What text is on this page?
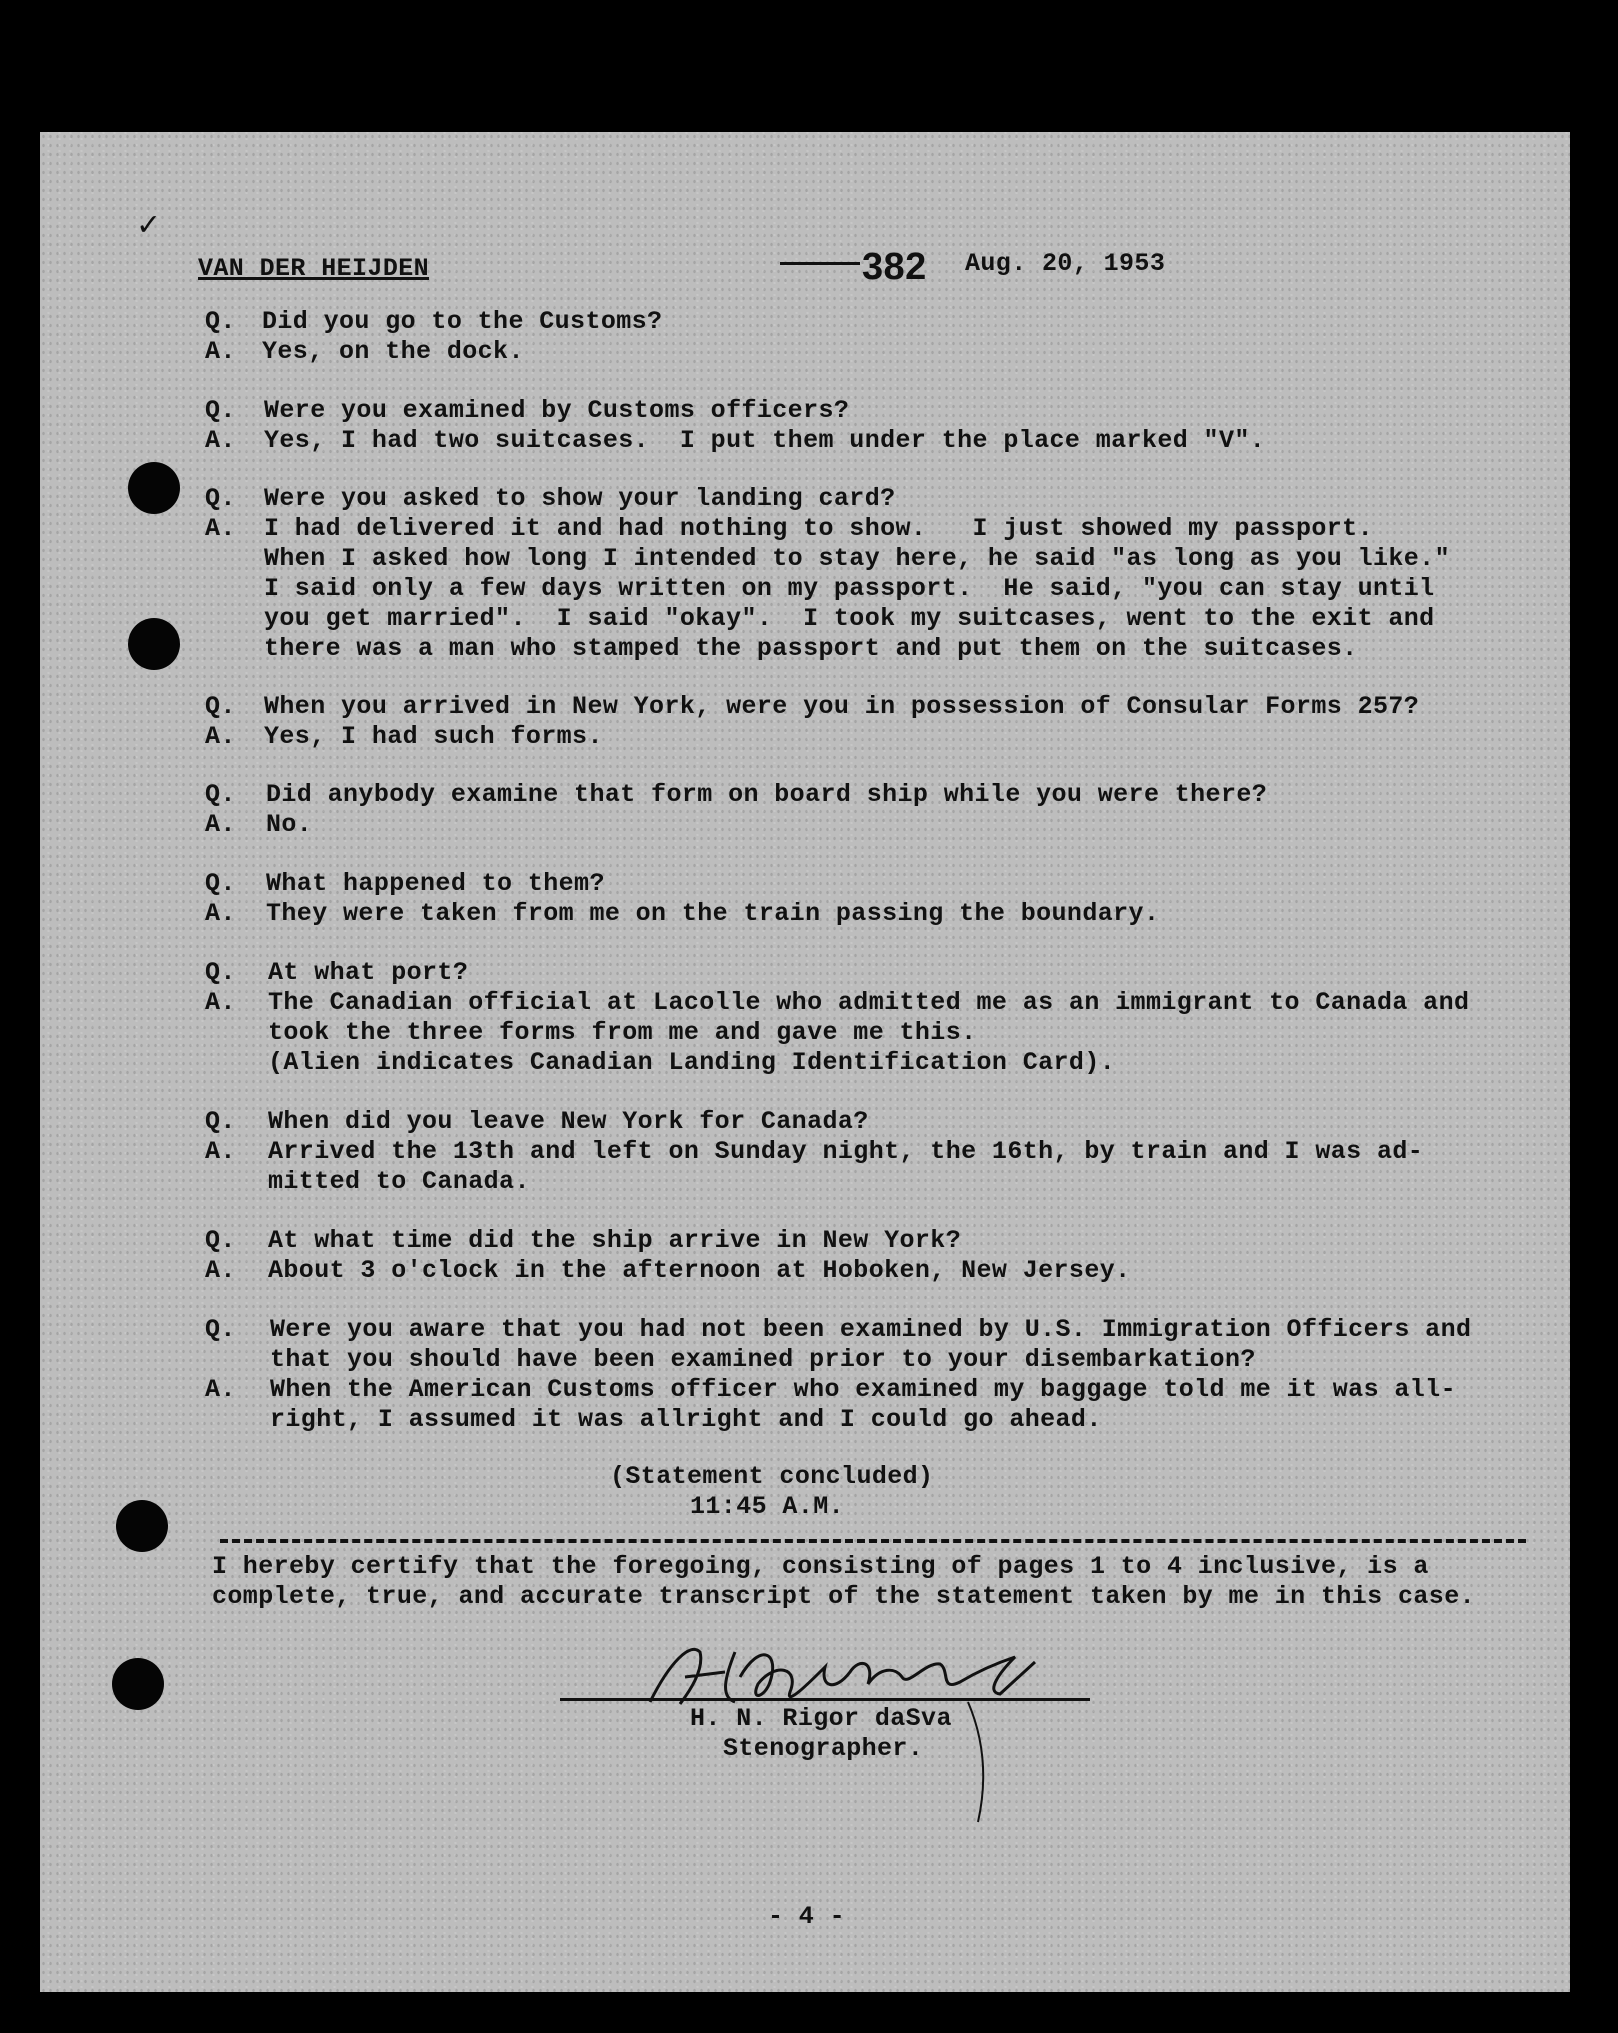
✓
VAN DER HEIJDEN	382 Aug. 20, 1953
Q. Did you go to the Customs?
A. Yes, on the dock.
Q. Were you examined by Customs officers?
A. Yes, I had two suitcases.  I put them under the place marked "V".
Q. Were you asked to show your landing card?
A. I had delivered it and had nothing to show.   I just showed my passport.
When I asked how long I intended to stay here, he said "as long as you like."
I said only a few days written on my passport.  He said, "you can stay until
you get married".  I said "okay".  I took my suitcases, went to the exit and
there was a man who stamped the passport and put them on the suitcases.
Q. When you arrived in New York, were you in possession of Consular Forms 257?
A. Yes, I had such forms.
Q. Did anybody examine that form on board ship while you were there?
A. No.
Q. What happened to them?
A. They were taken from me on the train passing the boundary.
Q. At what port?
A. The Canadian official at Lacolle who admitted me as an immigrant to Canada and
took the three forms from me and gave me this.
(Alien indicates Canadian Landing Identification Card).
Q. When did you leave New York for Canada?
A. Arrived the 13th and left on Sunday night, the 16th, by train and I was ad-
mitted to Canada.
Q. At what time did the ship arrive in New York?
A. About 3 o'clock in the afternoon at Hoboken, New Jersey.
Q. Were you aware that you had not been examined by U.S. Immigration Officers and
that you should have been examined prior to your disembarkation?
A. When the American Customs officer who examined my baggage told me it was all-
right, I assumed it was allright and I could go ahead.
(Statement concluded)
11:45 A.M.
I hereby certify that the foregoing, consisting of pages 1 to 4 inclusive, is a
complete, true, and accurate transcript of the statement taken by me in this case.
H. N. Rigor daSva
Stenographer.
- 4 -
